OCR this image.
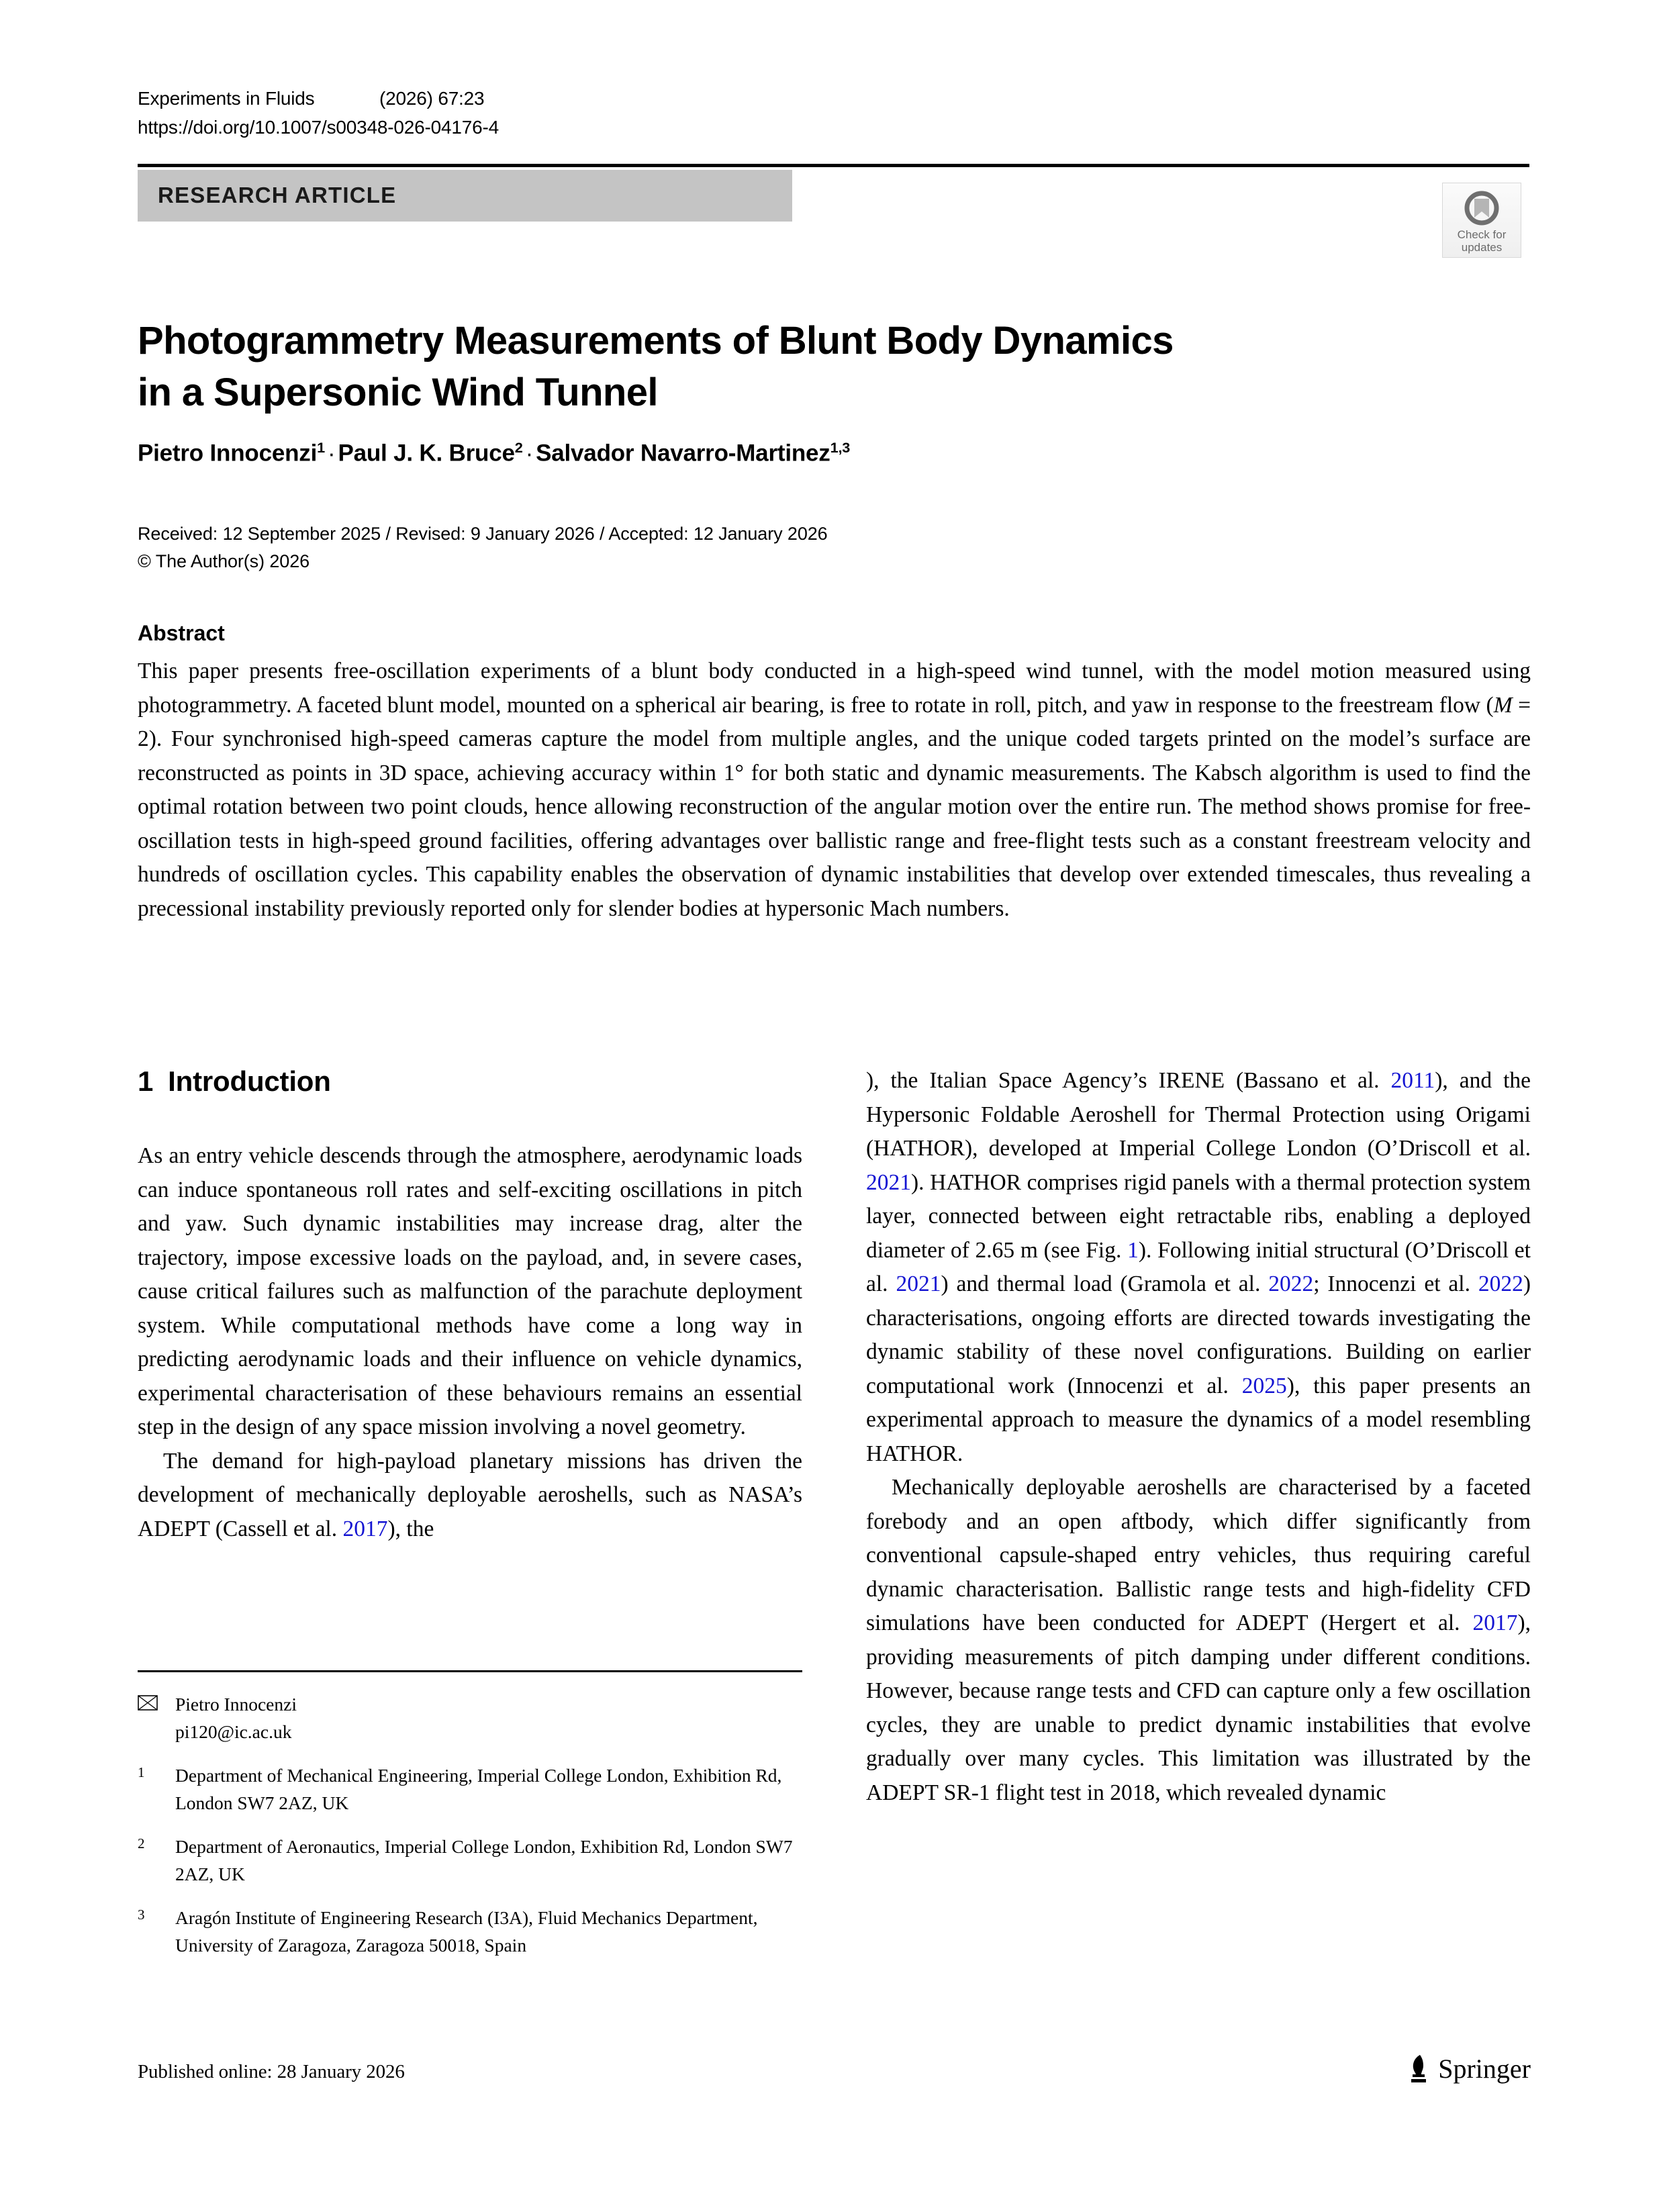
Experiments in Fluids	(2026) 67:23
https://doi.org/10.1007/s00348-026-04176-4
RESEARCH ARTICLE
Check for
updates
Photogrammetry Measurements of Blunt Body Dynamics
in a Supersonic Wind Tunnel
Pietro Innocenzi$^1$ · Paul J. K. Bruce$^2$ · Salvador Navarro-Martinez$^{1,3}$
Received: 12 September 2025 / Revised: 9 January 2026 / Accepted: 12 January 2026
© The Author(s) 2026
Abstract
This paper presents free-oscillation experiments of a blunt body conducted in a high-speed wind tunnel, with the model motion measured using photogrammetry. A faceted blunt model, mounted on a spherical air bearing, is free to rotate in roll, pitch, and yaw in response to the freestream flow (M = 2). Four synchronised high-speed cameras capture the model from multiple angles, and the unique coded targets printed on the model’s surface are reconstructed as points in 3D space, achieving accuracy within 1° for both static and dynamic measurements. The Kabsch algorithm is used to find the optimal rotation between two point clouds, hence allowing reconstruction of the angular motion over the entire run. The method shows promise for free-oscillation tests in high-speed ground facilities, offering advantages over ballistic range and free-flight tests such as a constant freestream velocity and hundreds of oscillation cycles. This capability enables the observation of dynamic instabilities that develop over extended timescales, thus revealing a precessional instability previously reported only for slender bodies at hypersonic Mach numbers.
1 Introduction

As an entry vehicle descends through the atmosphere, aerodynamic loads can induce spontaneous roll rates and self-exciting oscillations in pitch and yaw. Such dynamic instabilities may increase drag, alter the trajectory, impose excessive loads on the payload, and, in severe cases, cause critical failures such as malfunction of the parachute deployment system. While computational methods have come a long way in predicting aerodynamic loads and their influence on vehicle dynamics, experimental characterisation of these behaviours remains an essential step in the design of any space mission involving a novel geometry.

The demand for high-payload planetary missions has driven the development of mechanically deployable aeroshells, such as NASA’s ADEPT (Cassell et al. 2017), the

Pietro Innocenzi
pi120@ic.ac.uk
1	Department of Mechanical Engineering, Imperial College London, Exhibition Rd, London SW7 2AZ, UK
2	Department of Aeronautics, Imperial College London, Exhibition Rd, London SW7 2AZ, UK
3	Aragón Institute of Engineering Research (I3A), Fluid Mechanics Department, University of Zaragoza, Zaragoza 50018, Spain

), the Italian Space Agency’s IRENE (Bassano et al. 2011), and the Hypersonic Foldable Aeroshell for Thermal Protection using Origami (HATHOR), developed at Imperial College London (O’Driscoll et al. 2021). HATHOR comprises rigid panels with a thermal protection system layer, connected between eight retractable ribs, enabling a deployed diameter of 2.65 m (see Fig. 1). Following initial structural (O’Driscoll et al. 2021) and thermal load (Gramola et al. 2022; Innocenzi et al. 2022) characterisations, ongoing efforts are directed towards investigating the dynamic stability of these novel configurations. Building on earlier computational work (Innocenzi et al. 2025), this paper presents an experimental approach to measure the dynamics of a model resembling HATHOR.

Mechanically deployable aeroshells are characterised by a faceted forebody and an open aftbody, which differ significantly from conventional capsule-shaped entry vehicles, thus requiring careful dynamic characterisation. Ballistic range tests and high-fidelity CFD simulations have been conducted for ADEPT (Hergert et al. 2017), providing measurements of pitch damping under different conditions. However, because range tests and CFD can capture only a few oscillation cycles, they are unable to predict dynamic instabilities that evolve gradually over many cycles. This limitation was illustrated by the ADEPT SR-1 flight test in 2018, which revealed dynamic

Published online: 28 January 2026	Springer
